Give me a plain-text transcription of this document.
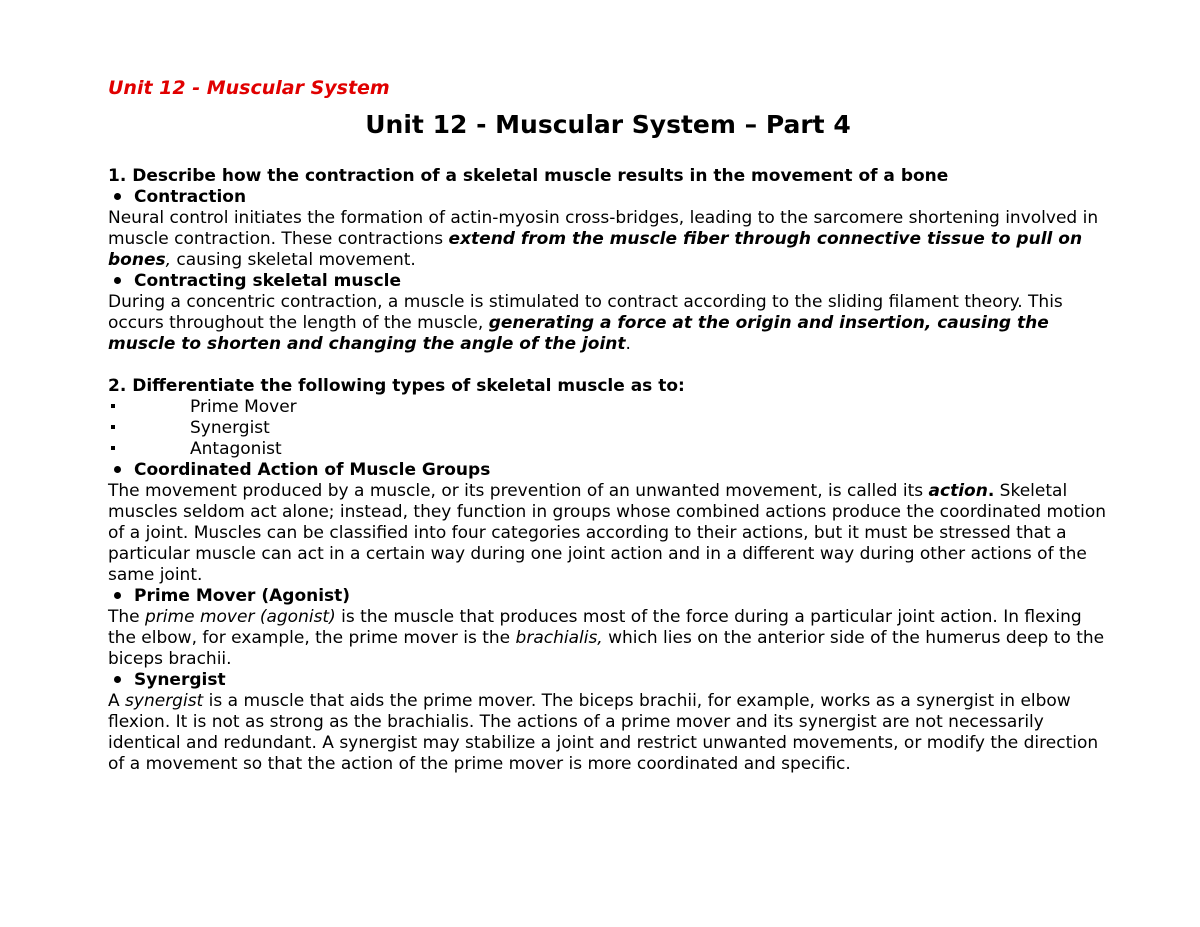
Unit 12 - Muscular System

Unit 12 - Muscular System – Part 4

1. Describe how the contraction of a skeletal muscle results in the movement of a bone

Contraction

Neural control initiates the formation of actin-myosin cross-bridges, leading to the sarcomere shortening involved in muscle contraction. These contractions extend from the muscle fiber through connective tissue to pull on bones, causing skeletal movement.

Contracting skeletal muscle

During a concentric contraction, a muscle is stimulated to contract according to the sliding filament theory. This occurs throughout the length of the muscle, generating a force at the origin and insertion, causing the muscle to shorten and changing the angle of the joint.

2. Differentiate the following types of skeletal muscle as to:

Prime Mover

Synergist

Antagonist

Coordinated Action of Muscle Groups

The movement produced by a muscle, or its prevention of an unwanted movement, is called its action. Skeletal muscles seldom act alone; instead, they function in groups whose combined actions produce the coordinated motion of a joint. Muscles can be classified into four categories according to their actions, but it must be stressed that a particular muscle can act in a certain way during one joint action and in a different way during other actions of the same joint.

Prime Mover (Agonist)

The prime mover (agonist) is the muscle that produces most of the force during a particular joint action. In flexing the elbow, for example, the prime mover is the brachialis, which lies on the anterior side of the humerus deep to the biceps brachii.

Synergist

A synergist is a muscle that aids the prime mover. The biceps brachii, for example, works as a synergist in elbow flexion. It is not as strong as the brachialis. The actions of a prime mover and its synergist are not necessarily identical and redundant. A synergist may stabilize a joint and restrict unwanted movements, or modify the direction of a movement so that the action of the prime mover is more coordinated and specific.
